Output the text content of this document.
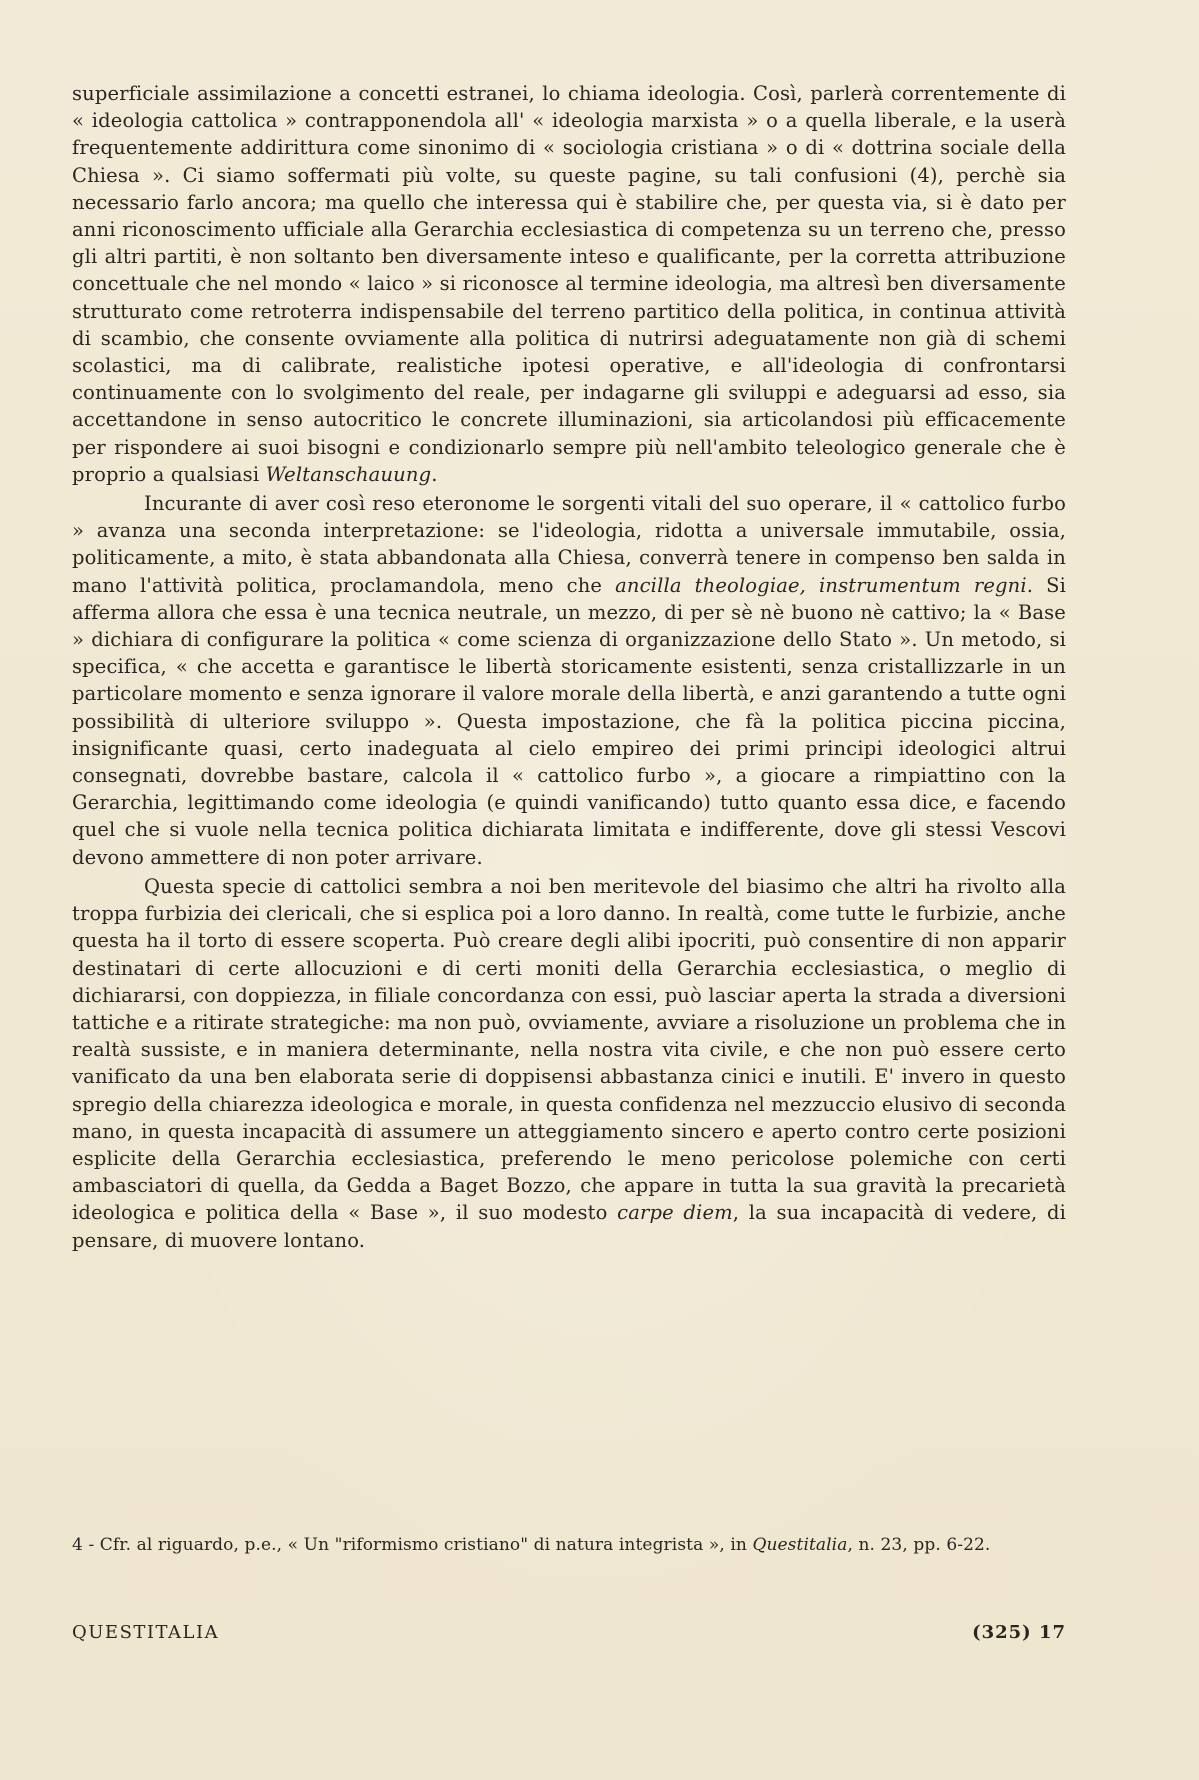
superficiale assimilazione a concetti estranei, lo chiama ideologia. Così, parlerà correntemente di « ideologia cattolica » contrapponendola all' « ideologia marxista » o a quella liberale, e la userà frequentemente addirittura come sinonimo di « sociologia cristiana » o di « dottrina sociale della Chiesa ». Ci siamo soffermati più volte, su queste pagine, su tali confusioni (4), perchè sia necessario farlo ancora; ma quello che interessa qui è stabilire che, per questa via, si è dato per anni riconoscimento ufficiale alla Gerarchia ecclesiastica di competenza su un terreno che, presso gli altri partiti, è non soltanto ben diversamente inteso e qualificante, per la corretta attribuzione concettuale che nel mondo « laico » si riconosce al termine ideologia, ma altresì ben diversamente strutturato come retroterra indispensabile del terreno partitico della politica, in continua attività di scambio, che consente ovviamente alla politica di nutrirsi adeguatamente non già di schemi scolastici, ma di calibrate, realistiche ipotesi operative, e all'ideologia di confrontarsi continuamente con lo svolgimento del reale, per indagarne gli sviluppi e adeguarsi ad esso, sia accettandone in senso autocritico le concrete illuminazioni, sia articolandosi più efficacemente per rispondere ai suoi bisogni e condizionarlo sempre più nell'ambito teleologico generale che è proprio a qualsiasi Weltanschauung.

Incurante di aver così reso eteronome le sorgenti vitali del suo operare, il « cattolico furbo » avanza una seconda interpretazione: se l'ideologia, ridotta a universale immutabile, ossia, politicamente, a mito, è stata abbandonata alla Chiesa, converrà tenere in compenso ben salda in mano l'attività politica, proclamandola, meno che ancilla theologiae, instrumentum regni. Si afferma allora che essa è una tecnica neutrale, un mezzo, di per sè nè buono nè cattivo; la « Base » dichiara di configurare la politica « come scienza di organizzazione dello Stato ». Un metodo, si specifica, « che accetta e garantisce le libertà storicamente esistenti, senza cristallizzarle in un particolare momento e senza ignorare il valore morale della libertà, e anzi garantendo a tutte ogni possibilità di ulteriore sviluppo ». Questa impostazione, che fà la politica piccina piccina, insignificante quasi, certo inadeguata al cielo empireo dei primi principi ideologici altrui consegnati, dovrebbe bastare, calcola il « cattolico furbo », a giocare a rimpiattino con la Gerarchia, legittimando come ideologia (e quindi vanificando) tutto quanto essa dice, e facendo quel che si vuole nella tecnica politica dichiarata limitata e indifferente, dove gli stessi Vescovi devono ammettere di non poter arrivare.

Questa specie di cattolici sembra a noi ben meritevole del biasimo che altri ha rivolto alla troppa furbizia dei clericali, che si esplica poi a loro danno. In realtà, come tutte le furbizie, anche questa ha il torto di essere scoperta. Può creare degli alibi ipocriti, può consentire di non apparir destinatari di certe allocuzioni e di certi moniti della Gerarchia ecclesiastica, o meglio di dichiararsi, con doppiezza, in filiale concordanza con essi, può lasciar aperta la strada a diversioni tattiche e a ritirate strategiche: ma non può, ovviamente, avviare a risoluzione un problema che in realtà sussiste, e in maniera determinante, nella nostra vita civile, e che non può essere certo vanificato da una ben elaborata serie di doppisensi abbastanza cinici e inutili. E' invero in questo spregio della chiarezza ideologica e morale, in questa confidenza nel mezzuccio elusivo di seconda mano, in questa incapacità di assumere un atteggiamento sincero e aperto contro certe posizioni esplicite della Gerarchia ecclesiastica, preferendo le meno pericolose polemiche con certi ambasciatori di quella, da Gedda a Baget Bozzo, che appare in tutta la sua gravità la precarietà ideologica e politica della « Base », il suo modesto carpe diem, la sua incapacità di vedere, di pensare, di muovere lontano.

4 - Cfr. al riguardo, p.e., « Un "riformismo cristiano" di natura integrista », in Questitalia, n. 23, pp. 6-22.
QUESTITALIA	(325) 17
